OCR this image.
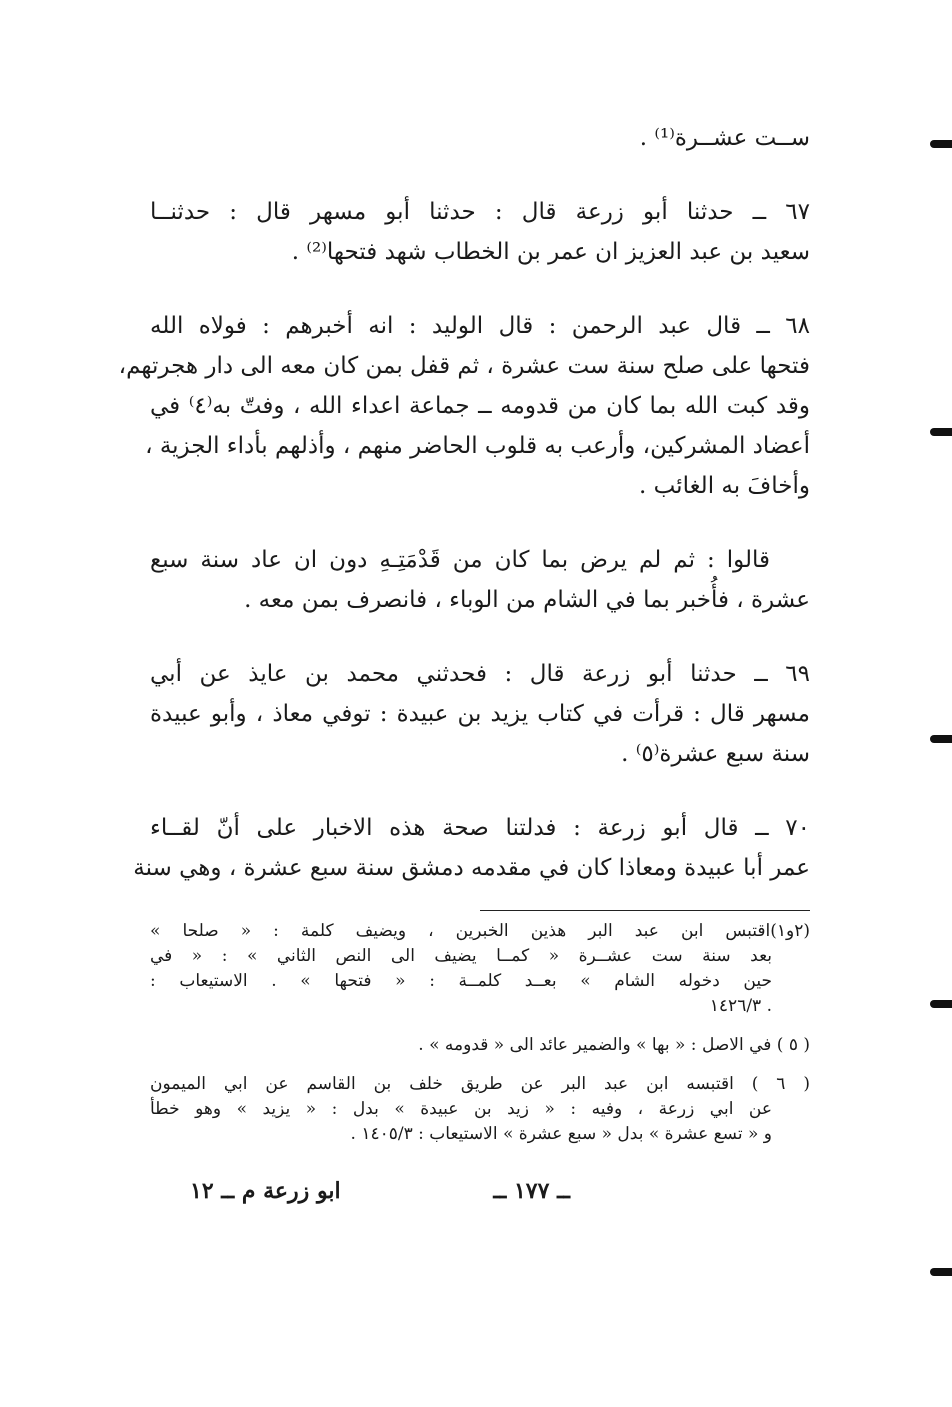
ســت عشــرة⁽¹⁾ .
٦٧ ــ حدثنا أبو زرعة قال : حدثنا أبو مسهر قال : حدثنــا
سعيد بن عبد العزيز ان عمر بن الخطاب شهد فتحها⁽²⁾ .
٦٨ ــ قال عبد الرحمن : قال الوليد : انه أخبرهم : فولاه الله
فتحها على صلح سنة ست عشرة ، ثم قفل بمن كان معه الى دار هجرتهم،
وقد كبت الله بما كان من قدومه ــ جماعة اعداء الله ، وفتّ به⁽٤⁾ في
أعضاد المشركين، وأرعب به قلوب الحاضر منهم ، وأذلهم بأداء الجزية ،
وأخافَ به الغائب .
قالوا : ثم لم يرض بما كان من قَدْمَتِـهِ دون ان عاد سنة سبع
عشرة ، فأُخبر بما في الشام من الوباء ، فانصرف بمن معه .
٦٩ ــ حدثنا أبو زرعة قال : فحدثني محمد بن عايذ عن أبي
مسهر قال : قرأت في كتاب يزيد بن عبيدة : توفي معاذ ، وأبو عبيدة
سنة سبع عشرة⁽٥⁾ .
٧٠ ــ قال أبو زرعة : فدلتنا صحة هذه الاخبار على أنّ لقــاء
عمر أبا عبيدة ومعاذا كان في مقدمه دمشق سنة سبع عشرة ، وهي سنة
(٢و١)اقتبس ابن عبد البر هذين الخبرين ، ويضيف كلمة : « صلحا »
بعد سنة ست عشــرة « كمــا يضيف الى النص الثاني » : « في
حين دخوله الشام » بعــد كلمــة : « فتحها » . الاستيعاب :
. ١٤٢٦/٣
( ٥ ) في الاصل : « بها » والضمير عائد الى « قدومه » .
( ٦ ) اقتبسه ابن عبد البر عن طريق خلف بن القاسم عن ابي الميمون
عن ابي زرعة ، وفيه : « زيد بن عبيدة » بدل : « يزيد » وهو خطأ
و « تسع عشرة » بدل « سبع عشرة » الاستيعاب : ١٤٠٥/٣ .
ــ ١٧٧ ــ
ابو زرعة م ــ ١٢
